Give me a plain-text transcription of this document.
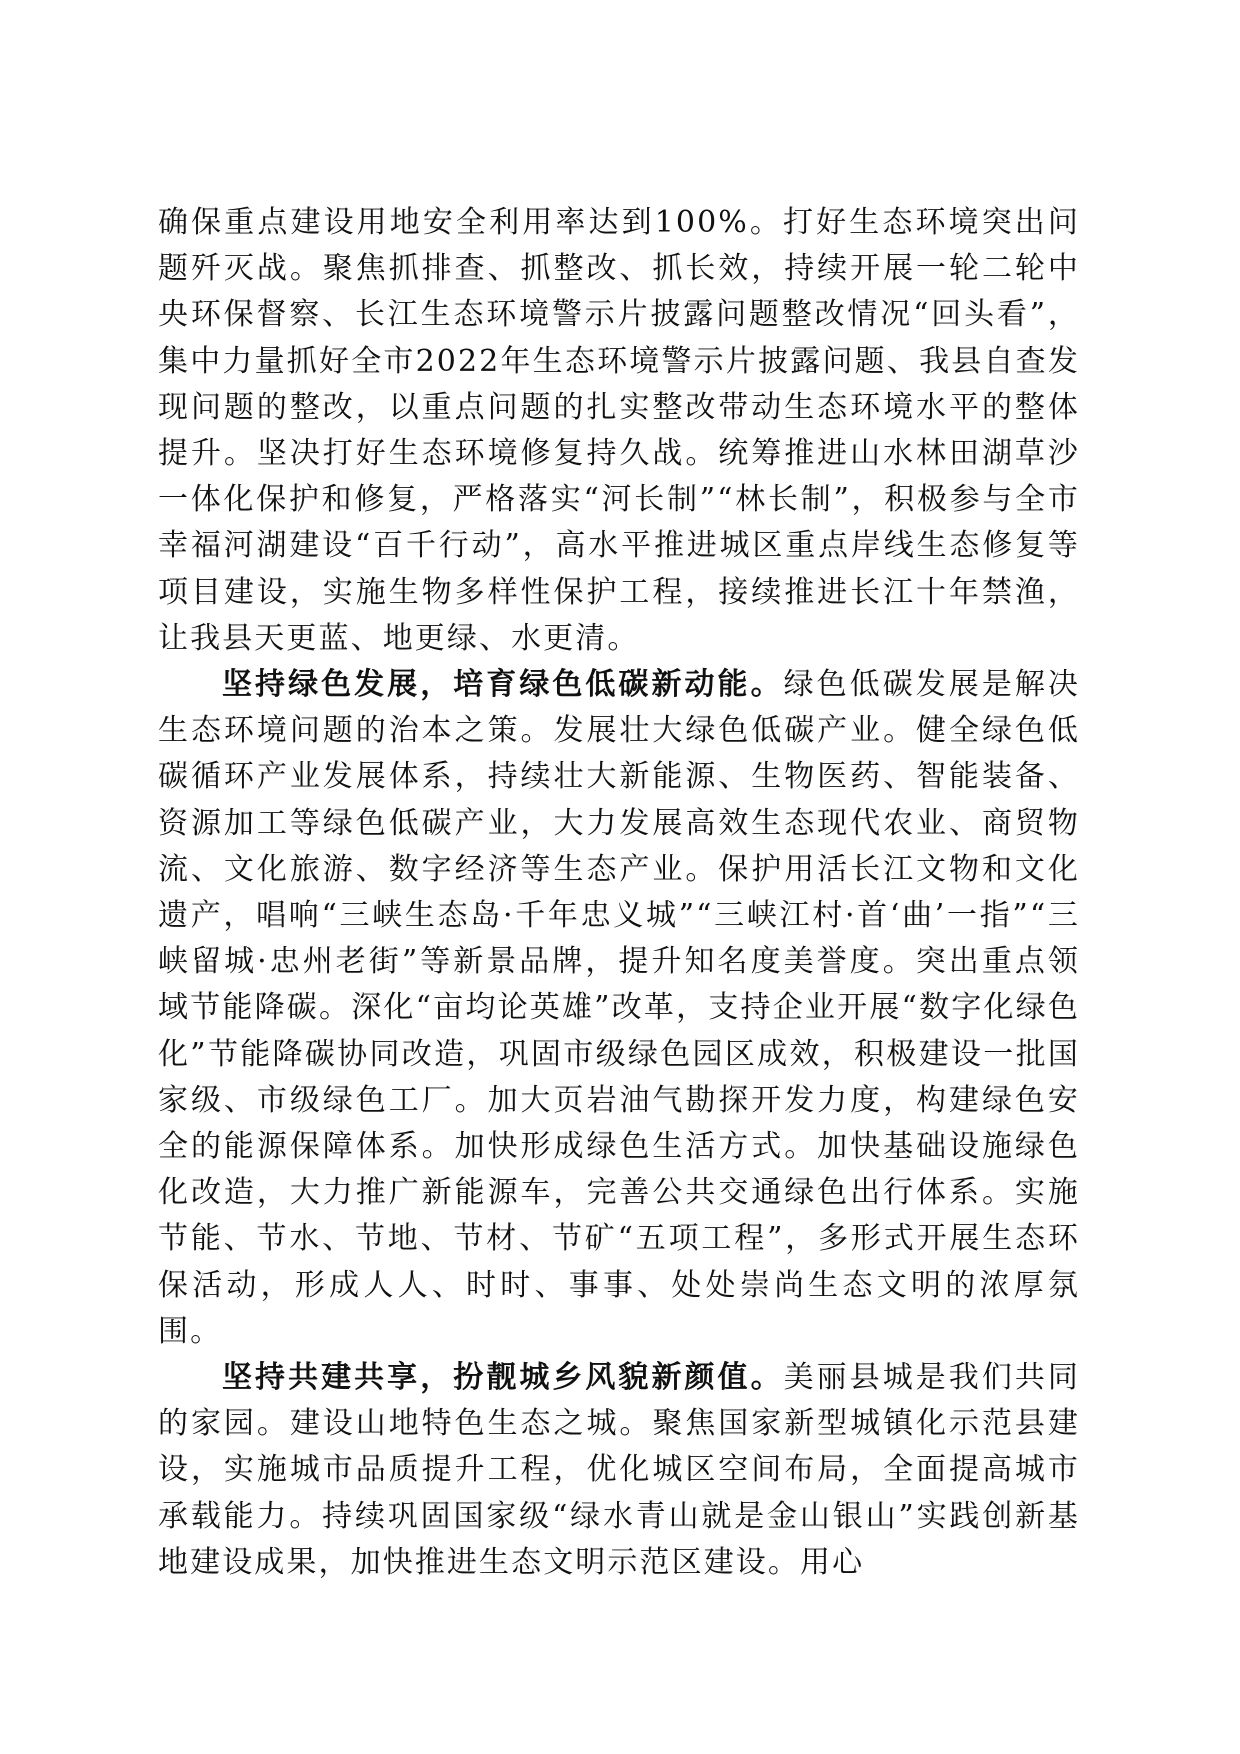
确保重点建设用地安全利用率达到100%。打好生态环境突出问题歼灭战。聚焦抓排查、抓整改、抓长效，持续开展一轮二轮中央环保督察、长江生态环境警示片披露问题整改情况“回头看”，集中力量抓好全市2022年生态环境警示片披露问题、我县自查发现问题的整改，以重点问题的扎实整改带动生态环境水平的整体提升。坚决打好生态环境修复持久战。统筹推进山水林田湖草沙一体化保护和修复，严格落实“河长制”“林长制”，积极参与全市幸福河湖建设“百千行动”，高水平推进城区重点岸线生态修复等项目建设，实施生物多样性保护工程，接续推进长江十年禁渔，让我县天更蓝、地更绿、水更清。

坚持绿色发展，培育绿色低碳新动能。绿色低碳发展是解决生态环境问题的治本之策。发展壮大绿色低碳产业。健全绿色低碳循环产业发展体系，持续壮大新能源、生物医药、智能装备、资源加工等绿色低碳产业，大力发展高效生态现代农业、商贸物流、文化旅游、数字经济等生态产业。保护用活长江文物和文化遗产，唱响“三峡生态岛·千年忠义城”“三峡江村·首‘曲’一指”“三峡留城·忠州老街”等新景品牌，提升知名度美誉度。突出重点领域节能降碳。深化“亩均论英雄”改革，支持企业开展“数字化绿色化”节能降碳协同改造，巩固市级绿色园区成效，积极建设一批国家级、市级绿色工厂。加大页岩油气勘探开发力度，构建绿色安全的能源保障体系。加快形成绿色生活方式。加快基础设施绿色化改造，大力推广新能源车，完善公共交通绿色出行体系。实施节能、节水、节地、节材、节矿“五项工程”，多形式开展生态环保活动，形成人人、时时、事事、处处崇尚生态文明的浓厚氛围。

坚持共建共享，扮靓城乡风貌新颜值。美丽县城是我们共同的家园。建设山地特色生态之城。聚焦国家新型城镇化示范县建设，实施城市品质提升工程，优化城区空间布局，全面提高城市承载能力。持续巩固国家级“绿水青山就是金山银山”实践创新基地建设成果，加快推进生态文明示范区建设。用心
